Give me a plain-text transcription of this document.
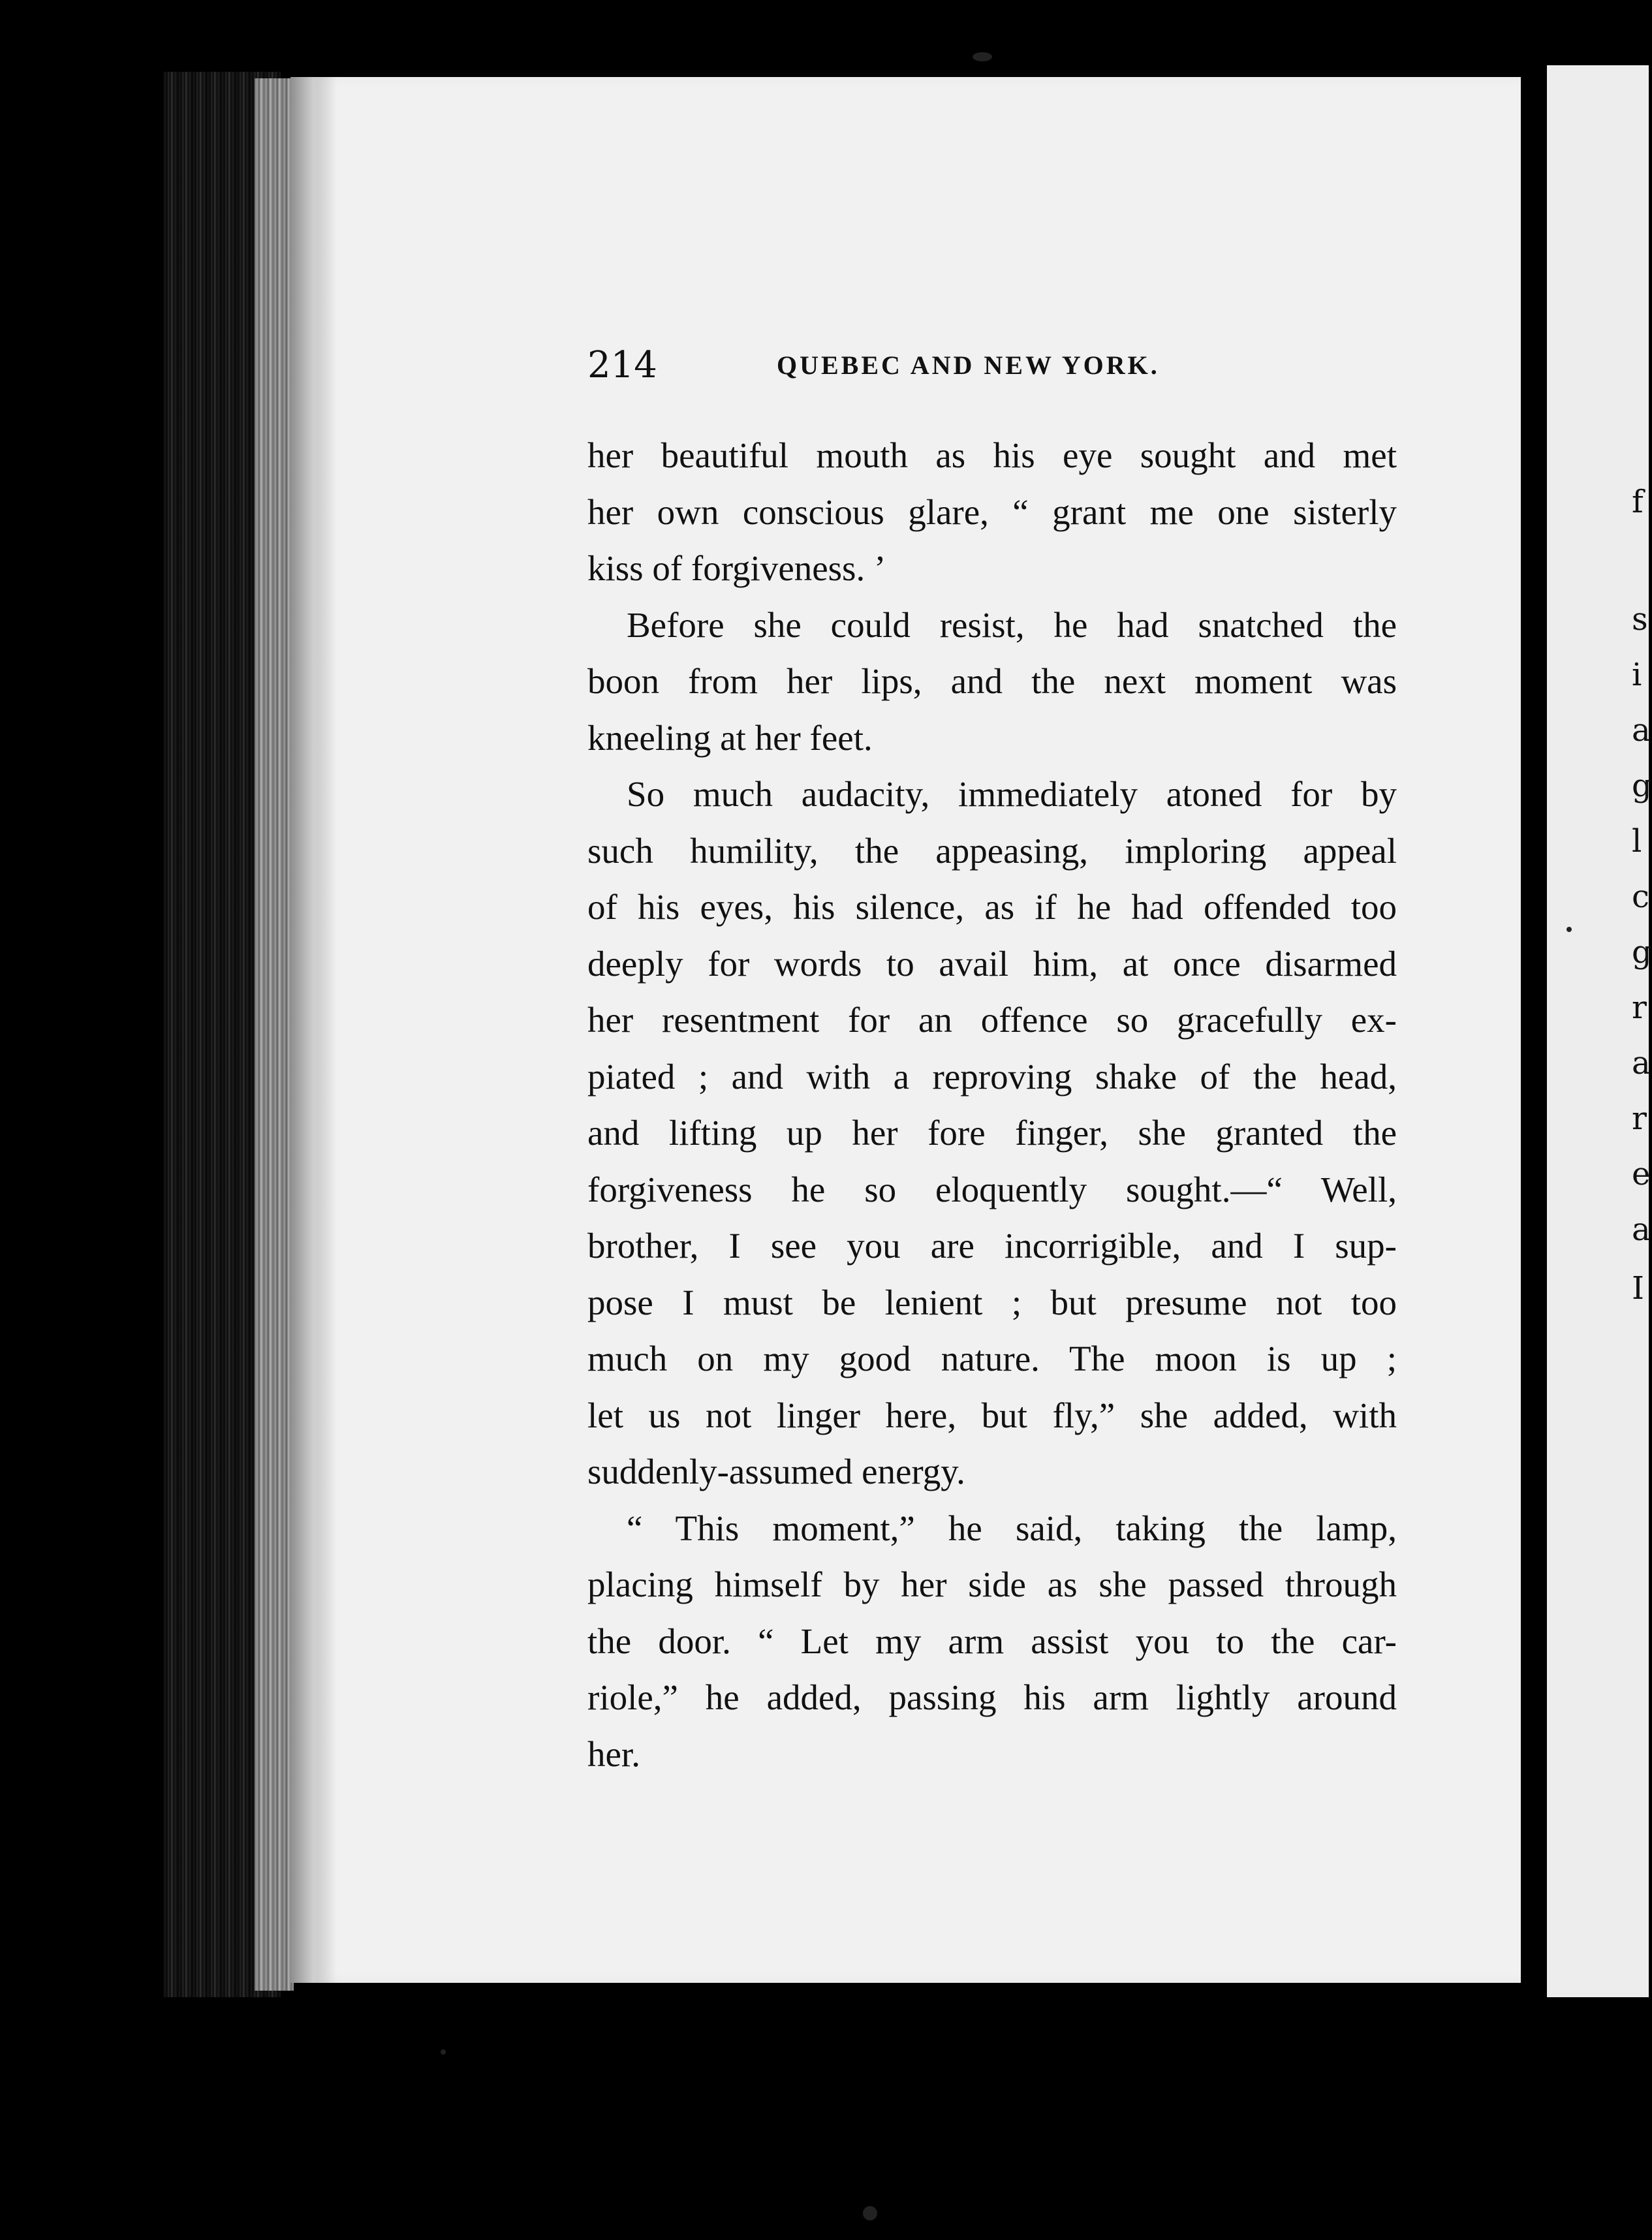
f
s
i
a
g
l
c
g
r
a
r
e
a
I
214	QUEBEC AND NEW YORK.
her beautiful mouth as his eye sought and met
her own conscious glare, “ grant me one sisterly
kiss of forgiveness. ’
Before she could resist, he had snatched the
boon from her lips, and the next moment was
kneeling at her feet.
So much audacity, immediately atoned for by
such humility, the appeasing, imploring appeal
of his eyes, his silence, as if he had offended too
deeply for words to avail him, at once disarmed
her resentment for an offence so gracefully ex-
piated ; and with a reproving shake of the head,
and lifting up her fore finger, she granted the
forgiveness he so eloquently sought.—“ Well,
brother, I see you are incorrigible, and I sup-
pose I must be lenient ; but presume not too
much on my good nature. The moon is up ;
let us not linger here, but fly,” she added, with
suddenly-assumed energy.
“ This moment,” he said, taking the lamp,
placing himself by her side as she passed through
the door. “ Let my arm assist you to the car-
riole,” he added, passing his arm lightly around
her.
